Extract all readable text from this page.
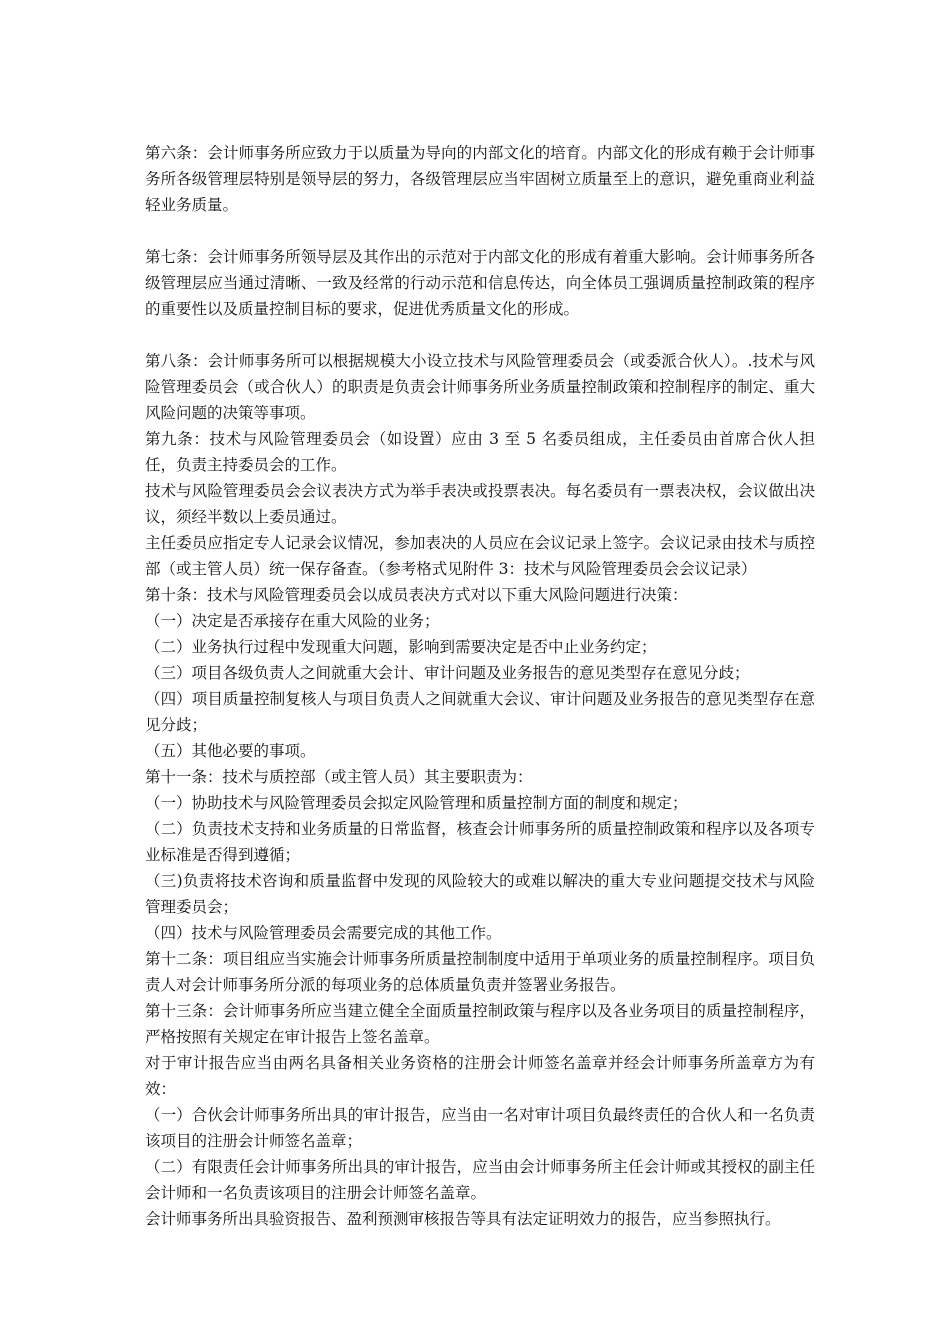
第六条：会计师事务所应致力于以质量为导向的内部文化的培育。内部文化的形成有赖于会计师事务所各级管理层特别是领导层的努力，各级管理层应当牢固树立质量至上的意识，避免重商业利益轻业务质量。

第七条：会计师事务所领导层及其作出的示范对于内部文化的形成有着重大影响。会计师事务所各级管理层应当通过清晰、一致及经常的行动示范和信息传达，向全体员工强调质量控制政策的程序的重要性以及质量控制目标的要求，促进优秀质量文化的形成。

第八条：会计师事务所可以根据规模大小设立技术与风险管理委员会（或委派合伙人）。.技术与风险管理委员会（或合伙人）的职责是负责会计师事务所业务质量控制政策和控制程序的制定、重大风险问题的决策等事项。

第九条：技术与风险管理委员会（如设置）应由 3 至 5 名委员组成，主任委员由首席合伙人担任，负责主持委员会的工作。

技术与风险管理委员会会议表决方式为举手表决或投票表决。每名委员有一票表决权，会议做出决议，须经半数以上委员通过。

主任委员应指定专人记录会议情况，参加表决的人员应在会议记录上签字。会议记录由技术与质控部（或主管人员）统一保存备查。（参考格式见附件 3：技术与风险管理委员会会议记录）

第十条：技术与风险管理委员会以成员表决方式对以下重大风险问题进行决策：

（一）决定是否承接存在重大风险的业务；

（二）业务执行过程中发现重大问题，影响到需要决定是否中止业务约定；

（三）项目各级负责人之间就重大会计、审计问题及业务报告的意见类型存在意见分歧；

（四）项目质量控制复核人与项目负责人之间就重大会议、审计问题及业务报告的意见类型存在意见分歧；

（五）其他必要的事项。

第十一条：技术与质控部（或主管人员）其主要职责为：

（一）协助技术与风险管理委员会拟定风险管理和质量控制方面的制度和规定；

（二）负责技术支持和业务质量的日常监督，核查会计师事务所的质量控制政策和程序以及各项专业标准是否得到遵循；

（三)负责将技术咨询和质量监督中发现的风险较大的或难以解决的重大专业问题提交技术与风险管理委员会；

（四）技术与风险管理委员会需要完成的其他工作。

第十二条：项目组应当实施会计师事务所质量控制制度中适用于单项业务的质量控制程序。项目负责人对会计师事务所分派的每项业务的总体质量负责并签署业务报告。

第十三条：会计师事务所应当建立健全全面质量控制政策与程序以及各业务项目的质量控制程序，严格按照有关规定在审计报告上签名盖章。

对于审计报告应当由两名具备相关业务资格的注册会计师签名盖章并经会计师事务所盖章方为有效：

（一）合伙会计师事务所出具的审计报告，应当由一名对审计项目负最终责任的合伙人和一名负责该项目的注册会计师签名盖章；

（二）有限责任会计师事务所出具的审计报告，应当由会计师事务所主任会计师或其授权的副主任会计师和一名负责该项目的注册会计师签名盖章。

会计师事务所出具验资报告、盈利预测审核报告等具有法定证明效力的报告，应当参照执行。
